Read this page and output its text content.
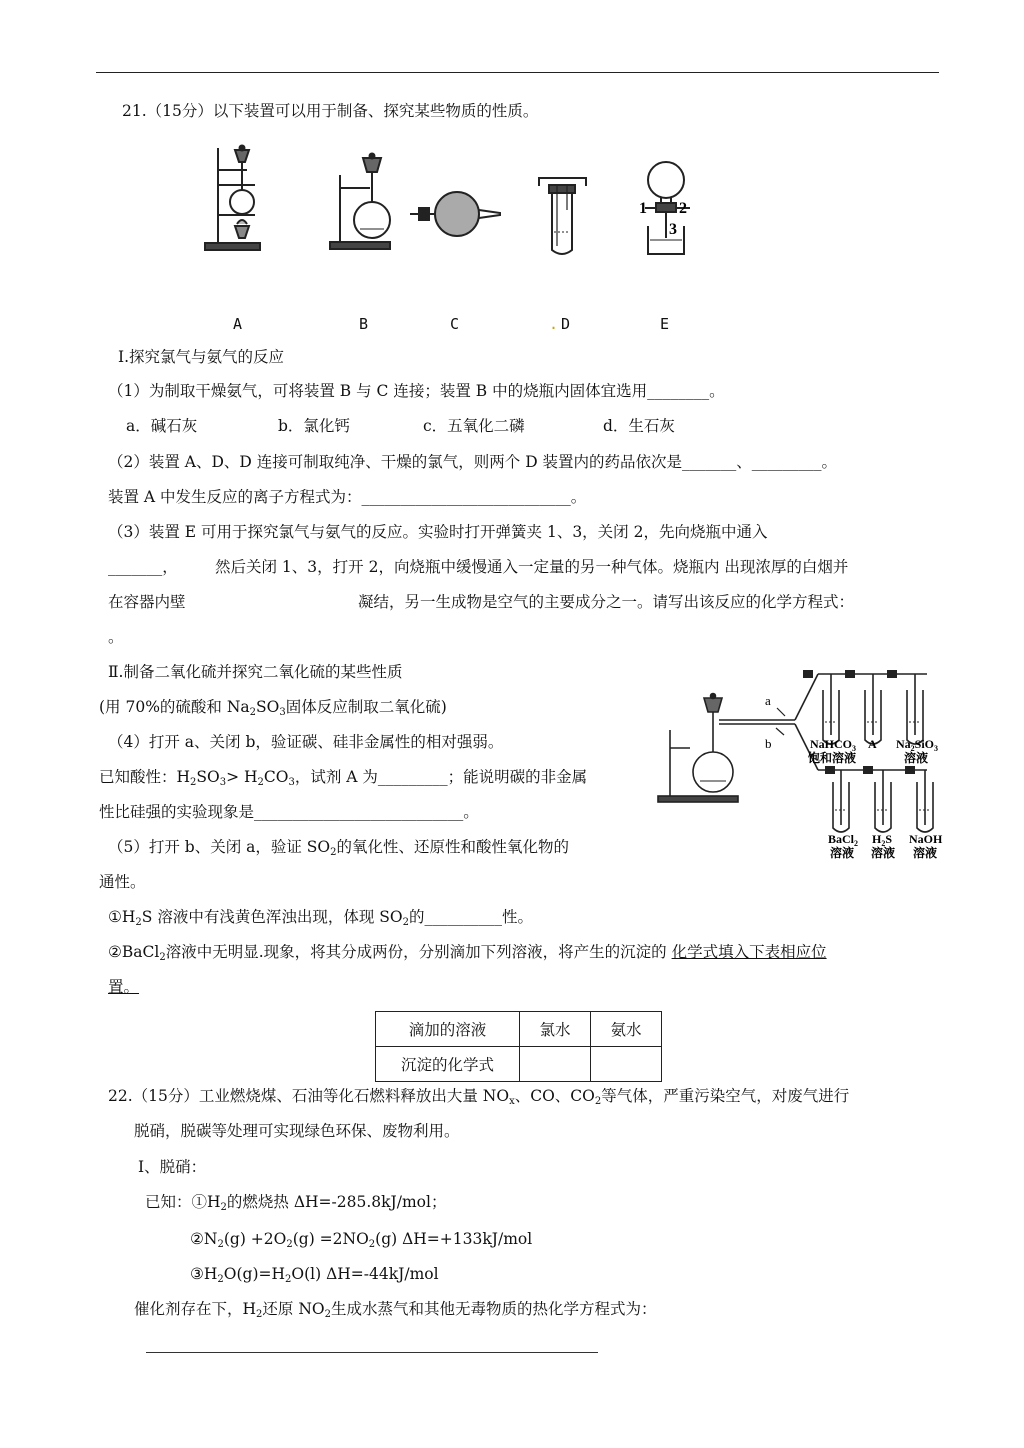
21.（15分）以下装置可以用于制备、探究某些物质的性质。
1 2
3
A	B	C	. D	E
Ⅰ.探究氯气与氨气的反应
（1）为制取干燥氨气，可将装置 B 与 C 连接；装置 B 中的烧瓶内固体宜选用________。
a．碱石灰	b．氯化钙	c．五氧化二磷	d．生石灰
（2）装置 A、D、D 连接可制取纯净、干燥的氯气，则两个 D 装置内的药品依次是_______、_________。
装置 A 中发生反应的离子方程式为：___________________________。
（3）装置 E 可用于探究氯气与氨气的反应。实验时打开弹簧夹 1、3，关闭 2，先向烧瓶中通入
_______， 然后关闭 1、3，打开 2，向烧瓶中缓慢通入一定量的另一种气体。烧瓶内 出现浓厚的白烟并
在容器内壁	凝结，另一生成物是空气的主要成分之一。请写出该反应的化学方程式：
。
Ⅱ.制备二氧化硫并探究二氧化硫的某些性质
(用 70%的硫酸和 $Na_2SO_3$固体反应制取二氧化硫)
（4）打开 a、关闭 b，验证碳、硅非金属性的相对强弱。
已知酸性：$H_2SO_3> H_2CO_3$，试剂 A 为_________；能说明碳的非金属
性比硅强的实验现象是___________________________。
（5）打开 b、关闭 a，验证 $SO_2$的氧化性、还原性和酸性氧化物的
通性。
$①H_2S$ 溶液中有浅黄色浑浊出现，体现 $SO_2$的__________性。
②BaCl$_2$溶液中无明显.现象，将其分成两份，分别滴加下列溶液，将产生的沉淀的 化学式填入下表相应位
置。
a
b	NaHCO$_3$
饱和溶液
A $Na_2SiO_3$
溶液
BaCl$_2$
溶液
$H_2S$
溶液
NaOH
溶液
滴加的溶液	氯水	氨水
沉淀的化学式		
22.（15分）工业燃烧煤、石油等化石燃料释放出大量 $NO_x$、CO、$CO_2$等气体，严重污染空气，对废气进行
脱硝，脱碳等处理可实现绿色环保、废物利用。
Ⅰ、脱硝：
已知：$①H_2$的燃烧热 ΔH=-285.8kJ/mol；
$②N_2(g) +2O_2(g) =2NO_2(g)$ ΔH=+133kJ/mol
$③H_2O(g)=H_2O(l)$ ΔH=-44kJ/mol
催化剂存在下，$H_2$还原 $NO_2$生成水蒸气和其他无毒物质的热化学方程式为：
